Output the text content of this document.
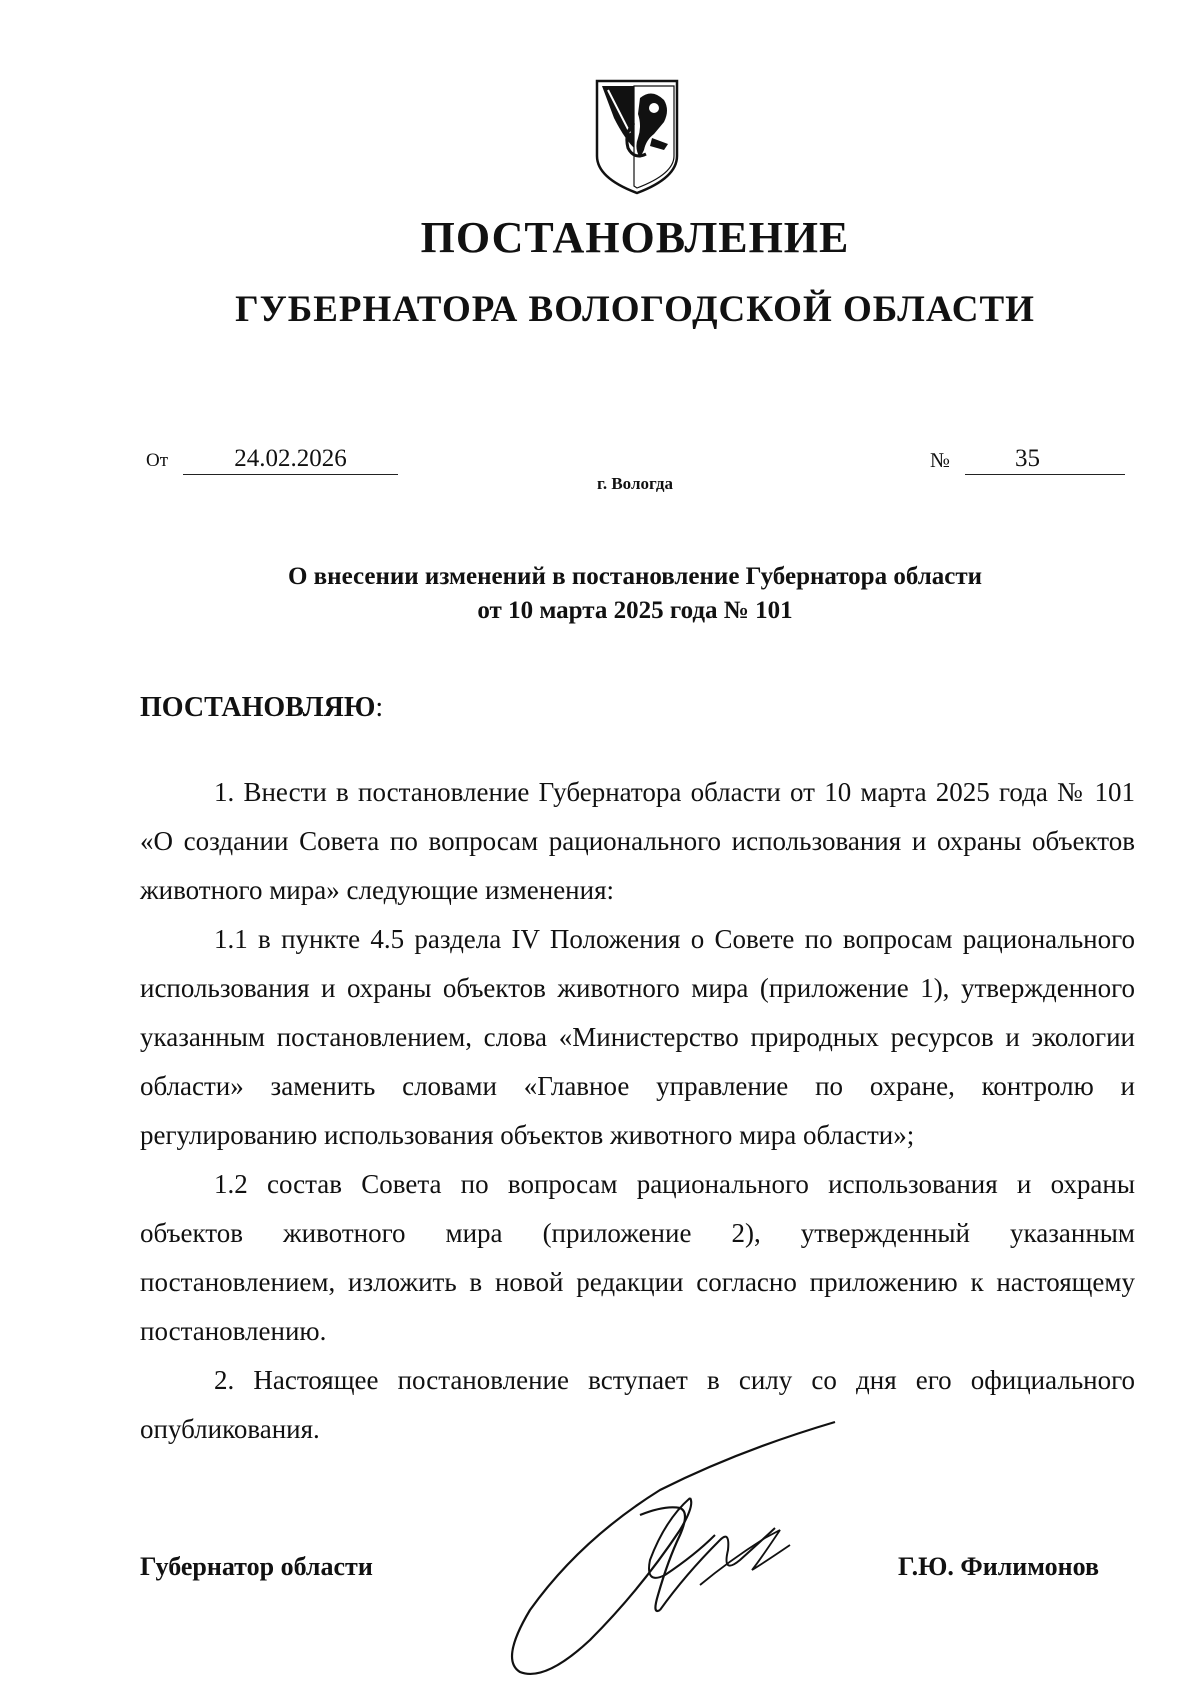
ПОСТАНОВЛЕНИЕ
ГУБЕРНАТОРА ВОЛОГОДСКОЙ ОБЛАСТИ
От	24.02.2026	№	35
г. Вологда
О внесении изменений в постановление Губернатора области
от 10 марта 2025 года № 101
ПОСТАНОВЛЯЮ:

1. Внести в постановление Губернатора области от 10 марта 2025 года № 101 «О создании Совета по вопросам рационального использования и охраны объектов животного мира» следующие изменения:

1.1 в пункте 4.5 раздела IV Положения о Совете по вопросам рационального использования и охраны объектов животного мира (приложение 1), утвержденного указанным постановлением, слова «Министерство природных ресурсов и экологии области» заменить словами «Главное управление по охране, контролю и регулированию использования объектов животного мира области»;

1.2 состав Совета по вопросам рационального использования и охраны объектов животного мира (приложение 2), утвержденный указанным постановлением, изложить в новой редакции согласно приложению к настоящему постановлению.

2. Настоящее постановление вступает в силу со дня его официального опубликования.

Губернатор области	Г.Ю. Филимонов
